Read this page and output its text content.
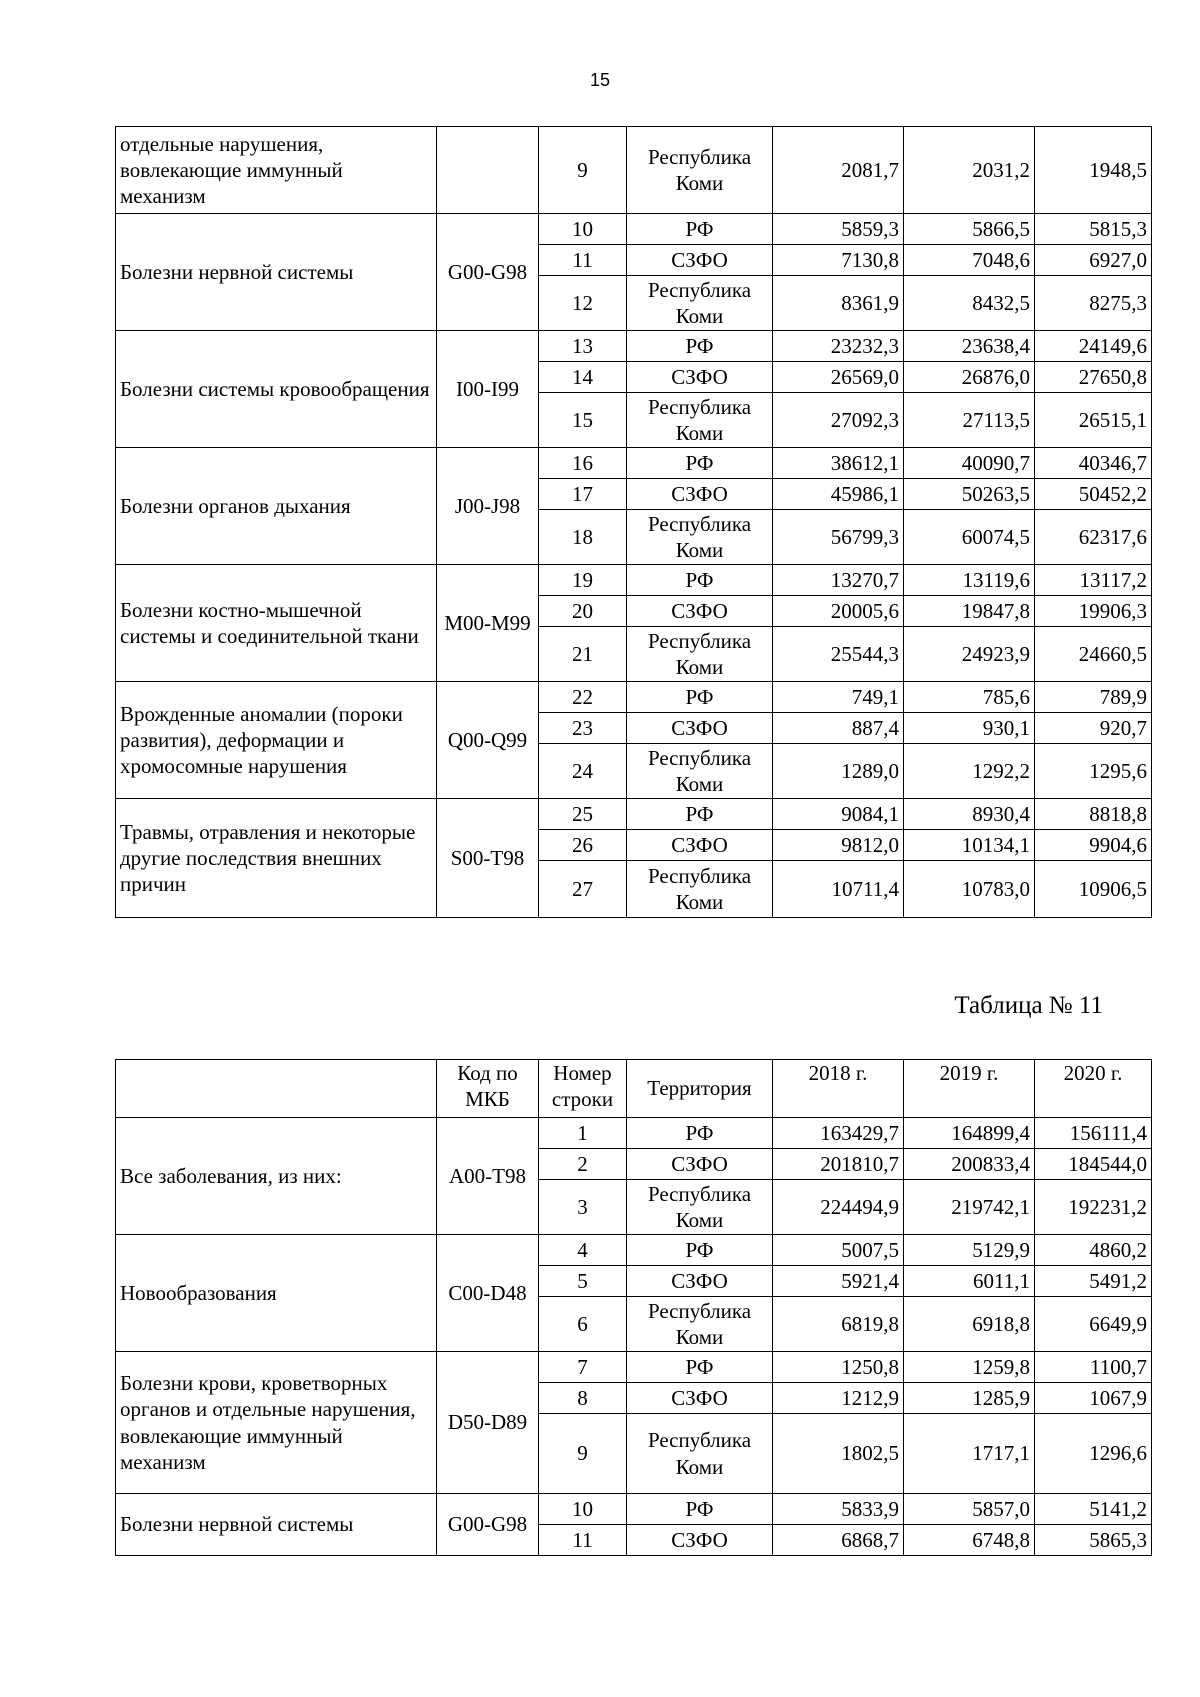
15
отдельные нарушения, вовлекающие иммунный механизм		9	Республика Коми	2081,7	2031,2	1948,5
Болезни нервной системы	G00-G98	10	РФ	5859,3	5866,5	5815,3
		11	СЗФО	7130,8	7048,6	6927,0
		12	Республика Коми	8361,9	8432,5	8275,3
Болезни системы кровообращения	I00-I99	13	РФ	23232,3	23638,4	24149,6
		14	СЗФО	26569,0	26876,0	27650,8
		15	Республика Коми	27092,3	27113,5	26515,1
Болезни органов дыхания	J00-J98	16	РФ	38612,1	40090,7	40346,7
		17	СЗФО	45986,1	50263,5	50452,2
		18	Республика Коми	56799,3	60074,5	62317,6
Болезни костно-мышечной системы и соединительной ткани	M00-M99	19	РФ	13270,7	13119,6	13117,2
		20	СЗФО	20005,6	19847,8	19906,3
		21	Республика Коми	25544,3	24923,9	24660,5
Врожденные аномалии (пороки развития), деформации и хромосомные нарушения	Q00-Q99	22	РФ	749,1	785,6	789,9
		23	СЗФО	887,4	930,1	920,7
		24	Республика Коми	1289,0	1292,2	1295,6
Травмы, отравления и некоторые другие последствия внешних причин	S00-T98	25	РФ	9084,1	8930,4	8818,8
		26	СЗФО	9812,0	10134,1	9904,6
		27	Республика Коми	10711,4	10783,0	10906,5
Таблица № 11
	Код по МКБ	Номер строки	Территория	2018 г.	2019 г.	2020 г.
Все заболевания, из них:	A00-T98	1	РФ	163429,7	164899,4	156111,4
		2	СЗФО	201810,7	200833,4	184544,0
		3	Республика Коми	224494,9	219742,1	192231,2
Новообразования	C00-D48	4	РФ	5007,5	5129,9	4860,2
		5	СЗФО	5921,4	6011,1	5491,2
		6	Республика Коми	6819,8	6918,8	6649,9
Болезни крови, кроветворных органов и отдельные нарушения, вовлекающие иммунный механизм	D50-D89	7	РФ	1250,8	1259,8	1100,7
		8	СЗФО	1212,9	1285,9	1067,9
		9	Республика Коми	1802,5	1717,1	1296,6
Болезни нервной системы	G00-G98	10	РФ	5833,9	5857,0	5141,2
		11	СЗФО	6868,7	6748,8	5865,3
